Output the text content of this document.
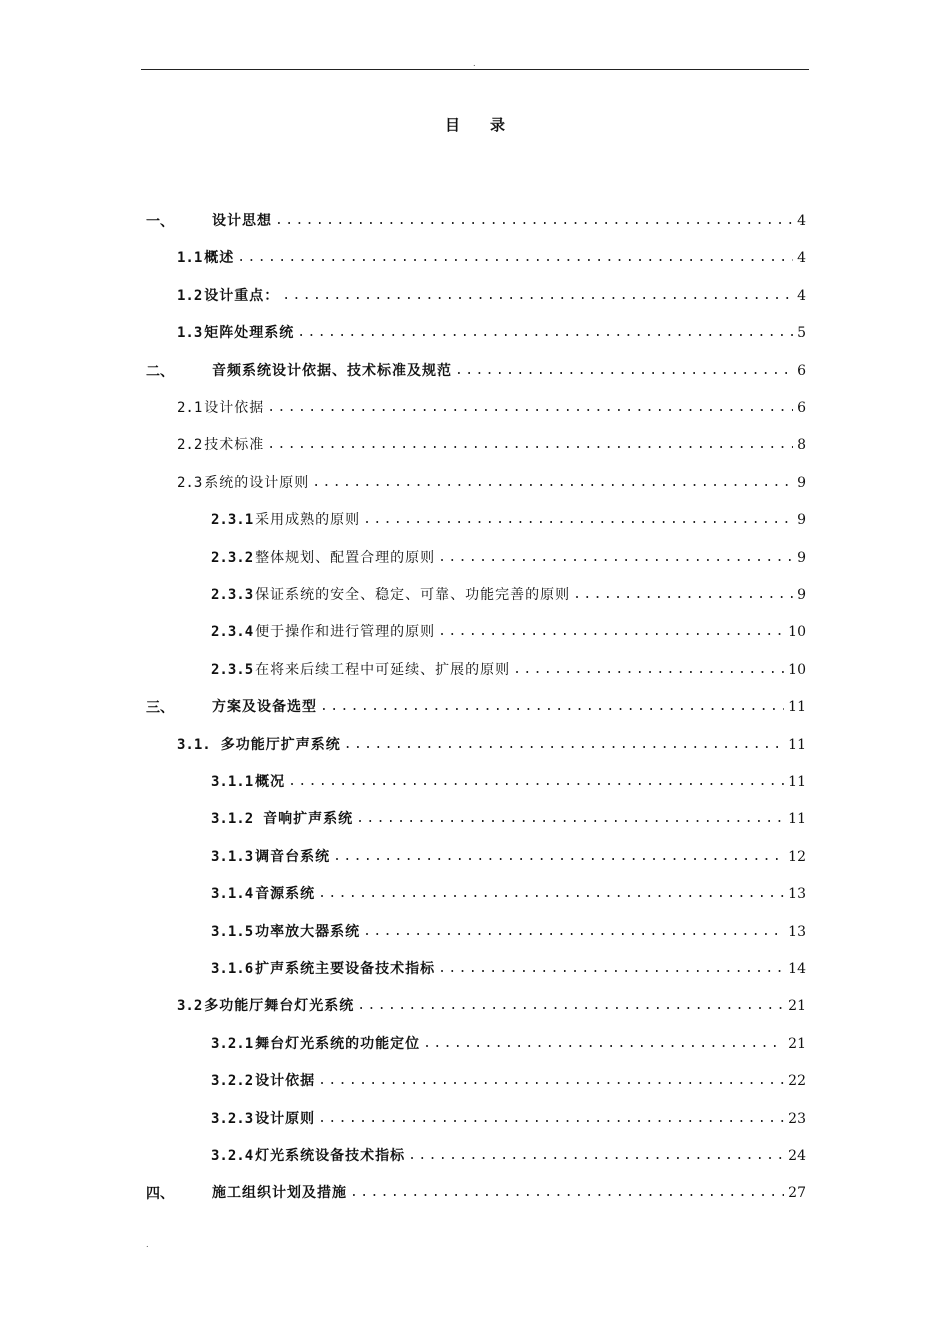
.
目录
一、	设计思想 .....	4
1.1 概述 .....	4
1.2 设计重点： .....	4
1.3 矩阵处理系统 .....	5
二、	音频系统设计依据、技术标准及规范 .....	6
2.1 设计依据 .....	6
2.2 技术标准 .....	8
2.3 系统的设计原则 .....	9
2.3.1 采用成熟的原则 .....	9
2.3.2 整体规划、配置合理的原则 .....	9
2.3.3 保证系统的安全、稳定、可靠、功能完善的原则 .....	9
2.3.4 便于操作和进行管理的原则 .....	10
2.3.5 在将来后续工程中可延续、扩展的原则 .....	10
三、	方案及设备选型 .....	11
3.1. 多功能厅扩声系统 .....	11
3.1.1 概况 .....	11
3.1.2 音响扩声系统 .....	11
3.1.3 调音台系统 .....	12
3.1.4 音源系统 .....	13
3.1.5 功率放大器系统 .....	13
3.1.6 扩声系统主要设备技术指标 .....	14
3.2 多功能厅舞台灯光系统 .....	21
3.2.1 舞台灯光系统的功能定位 .....	21
3.2.2 设计依据 .....	22
3.2.3 设计原则 .....	23
3.2.4 灯光系统设备技术指标 .....	24
四、	施工组织计划及措施 .....	27
.
